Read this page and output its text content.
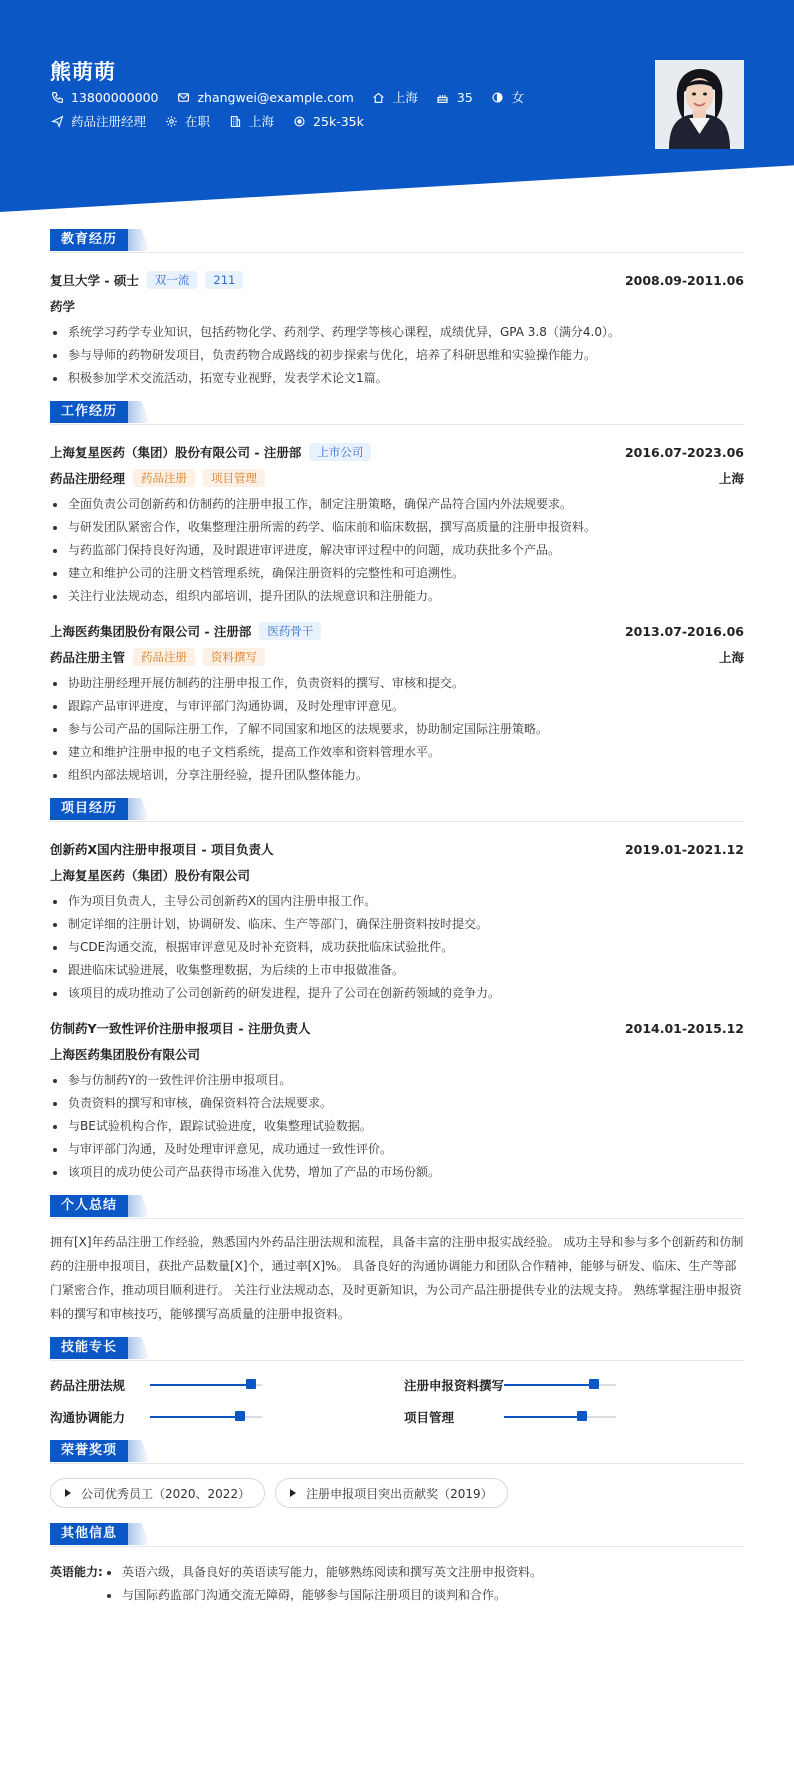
熊萌萌
13800000000	zhangwei@example.com	上海	35	女
药品注册经理	在职	上海	25k-35k
教育经历
复旦大学 - 硕士	双一流	211	2008.09-2011.06
药学
系统学习药学专业知识，包括药物化学、药剂学、药理学等核心课程，成绩优异，GPA 3.8（满分4.0）。
参与导师的药物研发项目，负责药物合成路线的初步探索与优化，培养了科研思维和实验操作能力。
积极参加学术交流活动，拓宽专业视野，发表学术论文1篇。
工作经历
上海复星医药（集团）股份有限公司 - 注册部	上市公司	2016.07-2023.06
药品注册经理	药品注册	项目管理	上海
全面负责公司创新药和仿制药的注册申报工作，制定注册策略，确保产品符合国内外法规要求。
与研发团队紧密合作，收集整理注册所需的药学、临床前和临床数据，撰写高质量的注册申报资料。
与药监部门保持良好沟通，及时跟进审评进度，解决审评过程中的问题，成功获批多个产品。
建立和维护公司的注册文档管理系统，确保注册资料的完整性和可追溯性。
关注行业法规动态，组织内部培训，提升团队的法规意识和注册能力。
上海医药集团股份有限公司 - 注册部	医药骨干	2013.07-2016.06
药品注册主管	药品注册	资料撰写	上海
协助注册经理开展仿制药的注册申报工作，负责资料的撰写、审核和提交。
跟踪产品审评进度，与审评部门沟通协调，及时处理审评意见。
参与公司产品的国际注册工作，了解不同国家和地区的法规要求，协助制定国际注册策略。
建立和维护注册申报的电子文档系统，提高工作效率和资料管理水平。
组织内部法规培训，分享注册经验，提升团队整体能力。
项目经历
创新药X国内注册申报项目 - 项目负责人	2019.01-2021.12
上海复星医药（集团）股份有限公司
作为项目负责人，主导公司创新药X的国内注册申报工作。
制定详细的注册计划，协调研发、临床、生产等部门，确保注册资料按时提交。
与CDE沟通交流，根据审评意见及时补充资料，成功获批临床试验批件。
跟进临床试验进展，收集整理数据，为后续的上市申报做准备。
该项目的成功推动了公司创新药的研发进程，提升了公司在创新药领域的竞争力。
仿制药Y一致性评价注册申报项目 - 注册负责人	2014.01-2015.12
上海医药集团股份有限公司
参与仿制药Y的一致性评价注册申报项目。
负责资料的撰写和审核，确保资料符合法规要求。
与BE试验机构合作，跟踪试验进度，收集整理试验数据。
与审评部门沟通，及时处理审评意见，成功通过一致性评价。
该项目的成功使公司产品获得市场准入优势，增加了产品的市场份额。
个人总结
拥有[X]年药品注册工作经验，熟悉国内外药品注册法规和流程，具备丰富的注册申报实战经验。 成功主导和参与多个创新药和仿制药的注册申报项目，获批产品数量[X]个，通过率[X]%。 具备良好的沟通协调能力和团队合作精神，能够与研发、临床、生产等部门紧密合作，推动项目顺利进行。 关注行业法规动态，及时更新知识，为公司产品注册提供专业的法规支持。 熟练掌握注册申报资料的撰写和审核技巧，能够撰写高质量的注册申报资料。
技能专长
药品注册法规	注册申报资料撰写
沟通协调能力	项目管理
荣誉奖项
公司优秀员工（2020、2022）	注册申报项目突出贡献奖（2019）
其他信息
英语能力:	英语六级，具备良好的英语读写能力，能够熟练阅读和撰写英文注册申报资料。
与国际药监部门沟通交流无障碍，能够参与国际注册项目的谈判和合作。
